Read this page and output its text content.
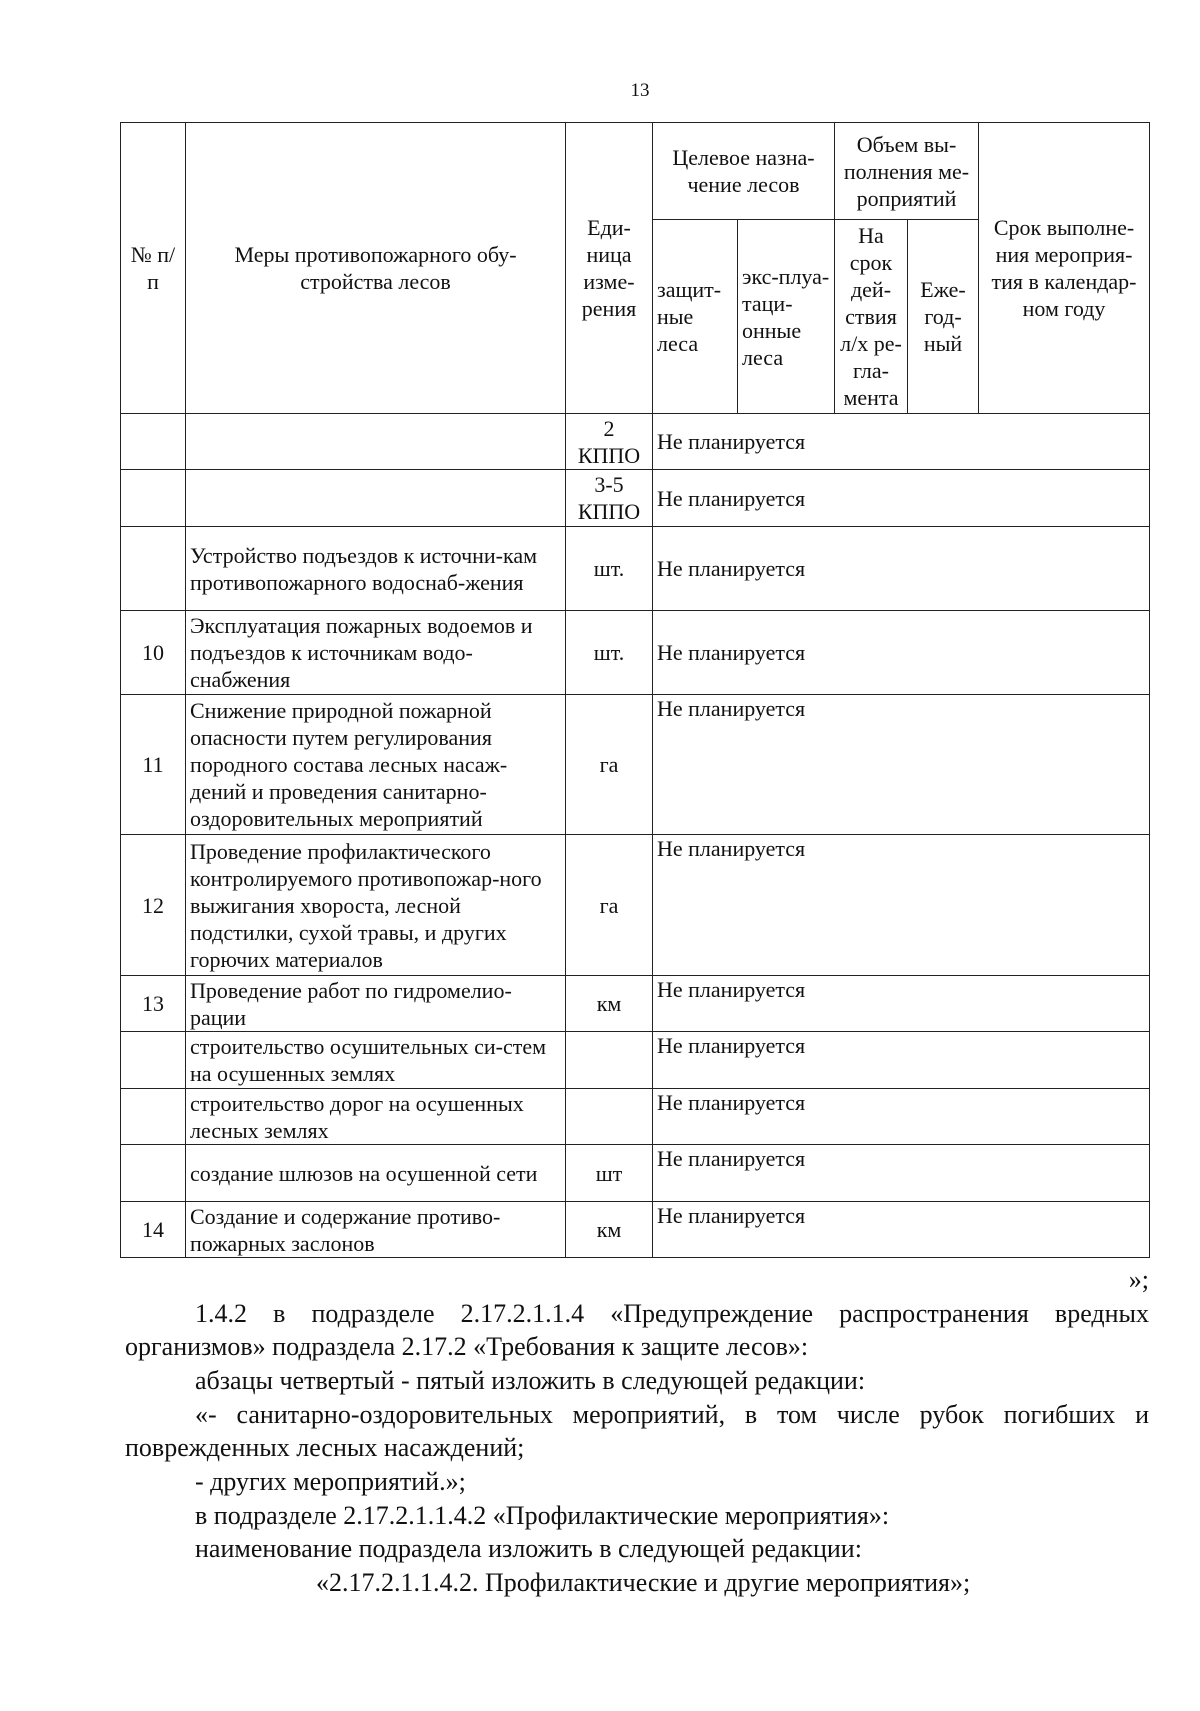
13
№ п/п	Меры противопожарного обу-стройства лесов	Еди-ница изме-рения	Целевое назна-чение лесов		Объем вы-полнения ме-роприятий		Срок выполне-ния мероприя-тия в календар-ном году
			защит-ные леса	экс-плуа-таци-онные леса	На срок дей-ствия л/х ре-гла-мента	Еже-год-ный	
		2 КППО	Не планируется				
		3-5 КППО	Не планируется				
	Устройство подъездов к источни-кам противопожарного водоснаб-жения	шт.	Не планируется				
10	Эксплуатация пожарных водоемов и подъездов к источникам водо-снабжения	шт.	Не планируется				
11	Снижение природной пожарной опасности путем регулирования породного состава лесных насаж-дений и проведения санитарно-оздоровительных мероприятий	га	Не планируется				
12	Проведение профилактического контролируемого противопожар-ного выжигания хвороста, лесной подстилки, сухой травы, и других горючих материалов	га	Не планируется				
13	Проведение работ по гидромелио-рации	км	Не планируется				
	строительство осушительных си-стем на осушенных землях		Не планируется				
	строительство дорог на осушенных лесных землях		Не планируется				
	создание шлюзов на осушенной сети	шт	Не планируется				
14	Создание и содержание противо-пожарных заслонов	км	Не планируется				
»;
1.4.2 в подразделе 2.17.2.1.1.4 «Предупреждение распространения вредных
организмов» подраздела 2.17.2 «Требования к защите лесов»:
абзацы четвертый - пятый изложить в следующей редакции:
«- санитарно-оздоровительных мероприятий, в том числе рубок погибших и
поврежденных лесных насаждений;
- других мероприятий.»;
в подразделе 2.17.2.1.1.4.2 «Профилактические мероприятия»:
наименование подраздела изложить в следующей редакции:
«2.17.2.1.1.4.2. Профилактические и другие мероприятия»;
